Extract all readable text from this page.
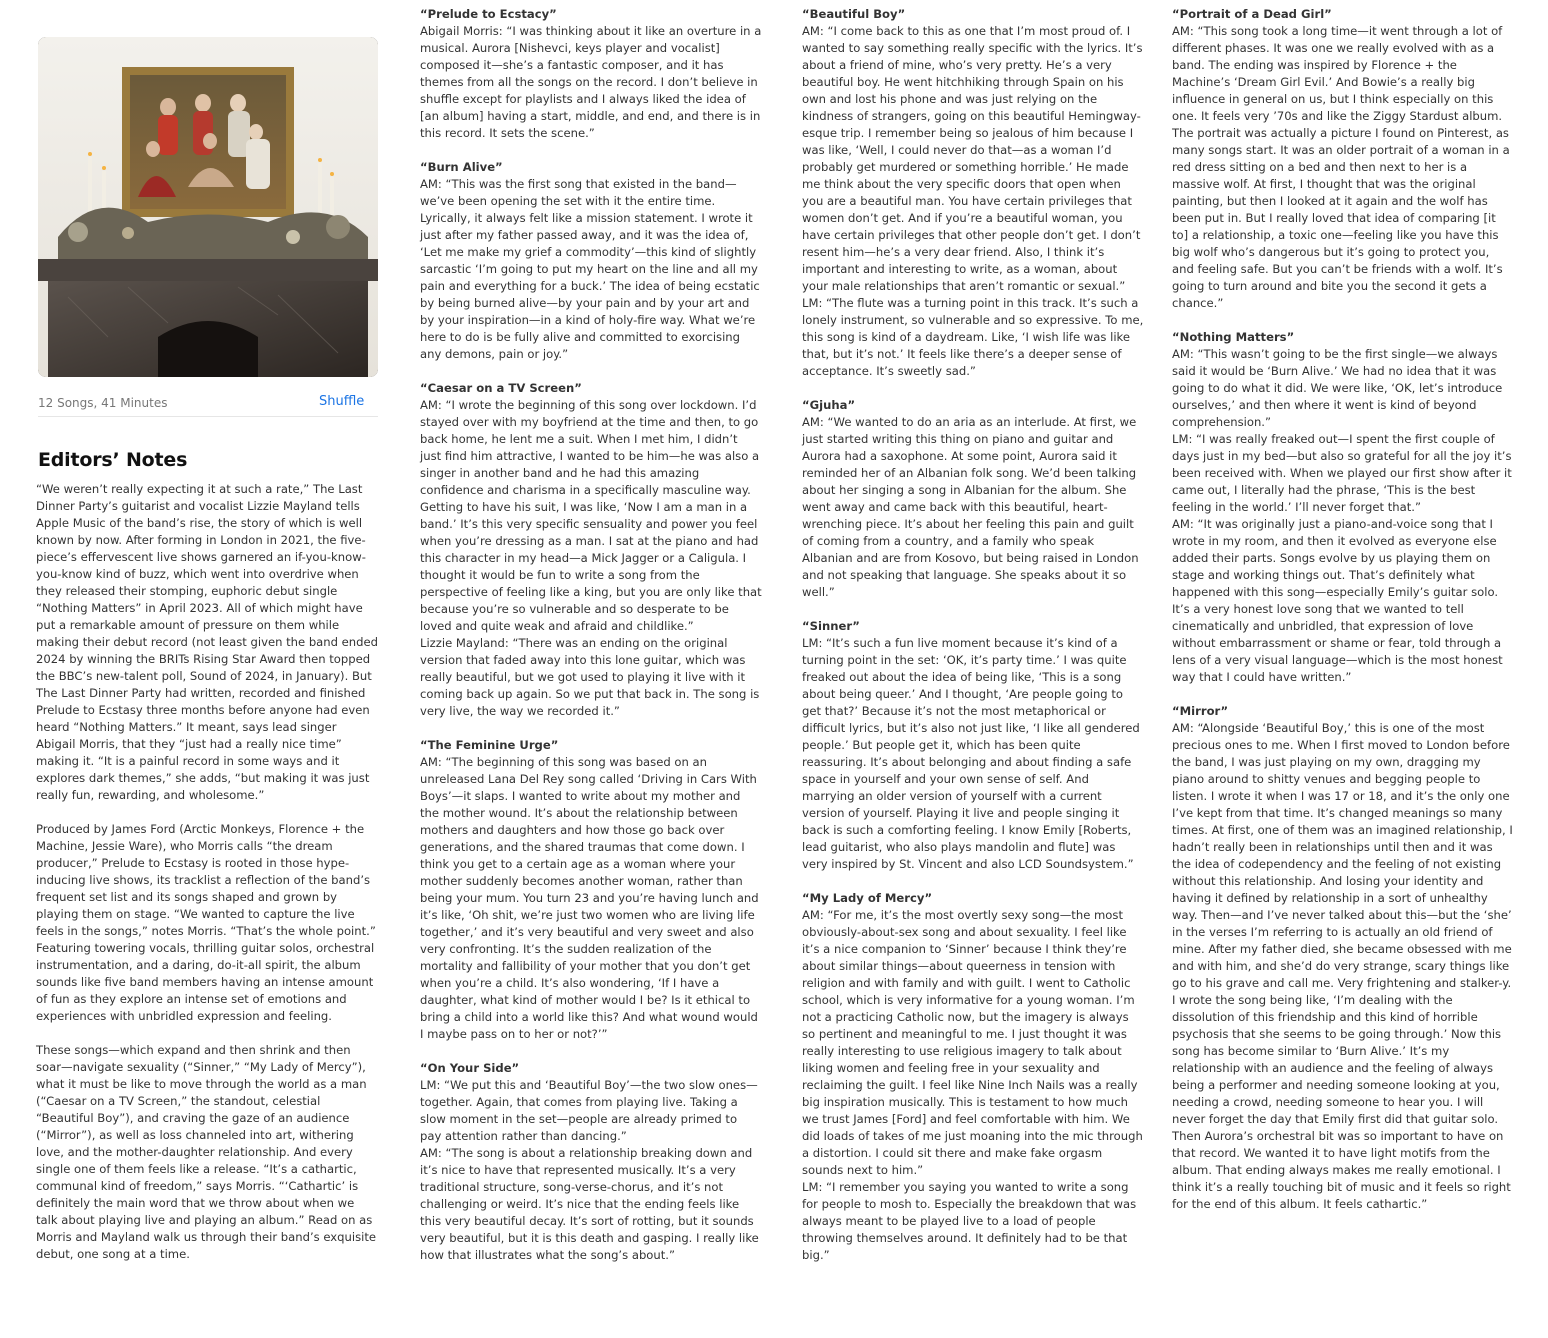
12 Songs, 41 Minutes	Shuffle
Editors’ Notes

“We weren’t really expecting it at such a rate,” The Last Dinner Party’s guitarist and vocalist Lizzie Mayland tells Apple Music of the band’s rise, the story of which is well known by now. After forming in London in 2021, the five-piece’s effervescent live shows garnered an if-you-know-you-know kind of buzz, which went into overdrive when they released their stomping, euphoric debut single “Nothing Matters” in April 2023. All of which might have put a remarkable amount of pressure on them while making their debut record (not least given the band ended 2024 by winning the BRITs Rising Star Award then topped the BBC’s new-talent poll, Sound of 2024, in January). But The Last Dinner Party had written, recorded and finished Prelude to Ecstasy three months before anyone had even heard “Nothing Matters.” It meant, says lead singer Abigail Morris, that they “just had a really nice time” making it. “It is a painful record in some ways and it explores dark themes,” she adds, “but making it was just really fun, rewarding, and wholesome.”

Produced by James Ford (Arctic Monkeys, Florence + the Machine, Jessie Ware), who Morris calls “the dream producer,” Prelude to Ecstasy is rooted in those hype-inducing live shows, its tracklist a reflection of the band’s frequent set list and its songs shaped and grown by playing them on stage. “We wanted to capture the live feels in the songs,” notes Morris. “That’s the whole point.” Featuring towering vocals, thrilling guitar solos, orchestral instrumentation, and a daring, do-it-all spirit, the album sounds like five band members having an intense amount of fun as they explore an intense set of emotions and experiences with unbridled expression and feeling.

These songs—which expand and then shrink and then soar—navigate sexuality (“Sinner,” “My Lady of Mercy”), what it must be like to move through the world as a man (“Caesar on a TV Screen,” the standout, celestial “Beautiful Boy”), and craving the gaze of an audience (“Mirror”), as well as loss channeled into art, withering love, and the mother-daughter relationship. And every single one of them feels like a release. “It’s a cathartic, communal kind of freedom,” says Morris. “‘Cathartic’ is definitely the main word that we throw about when we talk about playing live and playing an album.” Read on as Morris and Mayland walk us through their band’s exquisite debut, one song at a time.

“Prelude to Ecstacy”

Abigail Morris: “I was thinking about it like an overture in a musical. Aurora [Nishevci, keys player and vocalist] composed it—she’s a fantastic composer, and it has themes from all the songs on the record. I don’t believe in shuffle except for playlists and I always liked the idea of [an album] having a start, middle, and end, and there is in this record. It sets the scene.”

“Burn Alive”

AM: “This was the first song that existed in the band—we’ve been opening the set with it the entire time. Lyrically, it always felt like a mission statement. I wrote it just after my father passed away, and it was the idea of, ‘Let me make my grief a commodity’—this kind of slightly sarcastic ‘I’m going to put my heart on the line and all my pain and everything for a buck.’ The idea of being ecstatic by being burned alive—by your pain and by your art and by your inspiration—in a kind of holy-fire way. What we’re here to do is be fully alive and committed to exorcising any demons, pain or joy.”

“Caesar on a TV Screen”

AM: “I wrote the beginning of this song over lockdown. I’d stayed over with my boyfriend at the time and then, to go back home, he lent me a suit. When I met him, I didn’t just find him attractive, I wanted to be him—he was also a singer in another band and he had this amazing confidence and charisma in a specifically masculine way. Getting to have his suit, I was like, ‘Now I am a man in a band.’ It’s this very specific sensuality and power you feel when you’re dressing as a man. I sat at the piano and had this character in my head—a Mick Jagger or a Caligula. I thought it would be fun to write a song from the perspective of feeling like a king, but you are only like that because you’re so vulnerable and so desperate to be loved and quite weak and afraid and childlike.”

Lizzie Mayland: “There was an ending on the original version that faded away into this lone guitar, which was really beautiful, but we got used to playing it live with it coming back up again. So we put that back in. The song is very live, the way we recorded it.”

“The Feminine Urge”

AM: “The beginning of this song was based on an unreleased Lana Del Rey song called ‘Driving in Cars With Boys’—it slaps. I wanted to write about my mother and the mother wound. It’s about the relationship between mothers and daughters and how those go back over generations, and the shared traumas that come down. I think you get to a certain age as a woman where your mother suddenly becomes another woman, rather than being your mum. You turn 23 and you’re having lunch and it’s like, ‘Oh shit, we’re just two women who are living life together,’ and it’s very beautiful and very sweet and also very confronting. It’s the sudden realization of the mortality and fallibility of your mother that you don’t get when you’re a child. It’s also wondering, ‘If I have a daughter, what kind of mother would I be? Is it ethical to bring a child into a world like this? And what wound would I maybe pass on to her or not?’”

“On Your Side”

LM: “We put this and ‘Beautiful Boy’—the two slow ones—together. Again, that comes from playing live. Taking a slow moment in the set—people are already primed to pay attention rather than dancing.”

AM: “The song is about a relationship breaking down and it’s nice to have that represented musically. It’s a very traditional structure, song-verse-chorus, and it’s not challenging or weird. It’s nice that the ending feels like this very beautiful decay. It’s sort of rotting, but it sounds very beautiful, but it is this death and gasping. I really like how that illustrates what the song’s about.”

“Beautiful Boy”

AM: “I come back to this as one that I’m most proud of. I wanted to say something really specific with the lyrics. It’s about a friend of mine, who’s very pretty. He’s a very beautiful boy. He went hitchhiking through Spain on his own and lost his phone and was just relying on the kindness of strangers, going on this beautiful Hemingway-esque trip. I remember being so jealous of him because I was like, ‘Well, I could never do that—as a woman I’d probably get murdered or something horrible.’ He made me think about the very specific doors that open when you are a beautiful man. You have certain privileges that women don’t get. And if you’re a beautiful woman, you have certain privileges that other people don’t get. I don’t resent him—he’s a very dear friend. Also, I think it’s important and interesting to write, as a woman, about your male relationships that aren’t romantic or sexual.”

LM: “The flute was a turning point in this track. It’s such a lonely instrument, so vulnerable and so expressive. To me, this song is kind of a daydream. Like, ‘I wish life was like that, but it’s not.’ It feels like there’s a deeper sense of acceptance. It’s sweetly sad.”

“Gjuha”

AM: “We wanted to do an aria as an interlude. At first, we just started writing this thing on piano and guitar and Aurora had a saxophone. At some point, Aurora said it reminded her of an Albanian folk song. We’d been talking about her singing a song in Albanian for the album. She went away and came back with this beautiful, heart-wrenching piece. It’s about her feeling this pain and guilt of coming from a country, and a family who speak Albanian and are from Kosovo, but being raised in London and not speaking that language. She speaks about it so well.”

“Sinner”

LM: “It’s such a fun live moment because it’s kind of a turning point in the set: ‘OK, it’s party time.’ I was quite freaked out about the idea of being like, ‘This is a song about being queer.’ And I thought, ‘Are people going to get that?’ Because it’s not the most metaphorical or difficult lyrics, but it’s also not just like, ‘I like all gendered people.’ But people get it, which has been quite reassuring. It’s about belonging and about finding a safe space in yourself and your own sense of self. And marrying an older version of yourself with a current version of yourself. Playing it live and people singing it back is such a comforting feeling. I know Emily [Roberts, lead guitarist, who also plays mandolin and flute] was very inspired by St. Vincent and also LCD Soundsystem.”

“My Lady of Mercy”

AM: “For me, it’s the most overtly sexy song—the most obviously-about-sex song and about sexuality. I feel like it’s a nice companion to ‘Sinner’ because I think they’re about similar things—about queerness in tension with religion and with family and with guilt. I went to Catholic school, which is very informative for a young woman. I’m not a practicing Catholic now, but the imagery is always so pertinent and meaningful to me. I just thought it was really interesting to use religious imagery to talk about liking women and feeling free in your sexuality and reclaiming the guilt. I feel like Nine Inch Nails was a really big inspiration musically. This is testament to how much we trust James [Ford] and feel comfortable with him. We did loads of takes of me just moaning into the mic through a distortion. I could sit there and make fake orgasm sounds next to him.”

LM: “I remember you saying you wanted to write a song for people to mosh to. Especially the breakdown that was always meant to be played live to a load of people throwing themselves around. It definitely had to be that big.”

“Portrait of a Dead Girl”

AM: “This song took a long time—it went through a lot of different phases. It was one we really evolved with as a band. The ending was inspired by Florence + the Machine’s ‘Dream Girl Evil.’ And Bowie’s a really big influence in general on us, but I think especially on this one. It feels very ’70s and like the Ziggy Stardust album. The portrait was actually a picture I found on Pinterest, as many songs start. It was an older portrait of a woman in a red dress sitting on a bed and then next to her is a massive wolf. At first, I thought that was the original painting, but then I looked at it again and the wolf has been put in. But I really loved that idea of comparing [it to] a relationship, a toxic one—feeling like you have this big wolf who’s dangerous but it’s going to protect you, and feeling safe. But you can’t be friends with a wolf. It’s going to turn around and bite you the second it gets a chance.”

“Nothing Matters”

AM: “This wasn’t going to be the first single—we always said it would be ‘Burn Alive.’ We had no idea that it was going to do what it did. We were like, ‘OK, let’s introduce ourselves,’ and then where it went is kind of beyond comprehension.”

LM: “I was really freaked out—I spent the first couple of days just in my bed—but also so grateful for all the joy it’s been received with. When we played our first show after it came out, I literally had the phrase, ‘This is the best feeling in the world.’ I’ll never forget that.”

AM: “It was originally just a piano-and-voice song that I wrote in my room, and then it evolved as everyone else added their parts. Songs evolve by us playing them on stage and working things out. That’s definitely what happened with this song—especially Emily’s guitar solo. It’s a very honest love song that we wanted to tell cinematically and unbridled, that expression of love without embarrassment or shame or fear, told through a lens of a very visual language—which is the most honest way that I could have written.”

“Mirror”

AM: “Alongside ‘Beautiful Boy,’ this is one of the most precious ones to me. When I first moved to London before the band, I was just playing on my own, dragging my piano around to shitty venues and begging people to listen. I wrote it when I was 17 or 18, and it’s the only one I’ve kept from that time. It’s changed meanings so many times. At first, one of them was an imagined relationship, I hadn’t really been in relationships until then and it was the idea of codependency and the feeling of not existing without this relationship. And losing your identity and having it defined by relationship in a sort of unhealthy way. Then—and I’ve never talked about this—but the ‘she’ in the verses I’m referring to is actually an old friend of mine. After my father died, she became obsessed with me and with him, and she’d do very strange, scary things like go to his grave and call me. Very frightening and stalker-y. I wrote the song being like, ‘I’m dealing with the dissolution of this friendship and this kind of horrible psychosis that she seems to be going through.’ Now this song has become similar to ‘Burn Alive.’ It’s my relationship with an audience and the feeling of always being a performer and needing someone looking at you, needing a crowd, needing someone to hear you. I will never forget the day that Emily first did that guitar solo. Then Aurora’s orchestral bit was so important to have on that record. We wanted it to have light motifs from the album. That ending always makes me really emotional. I think it’s a really touching bit of music and it feels so right for the end of this album. It feels cathartic.”
